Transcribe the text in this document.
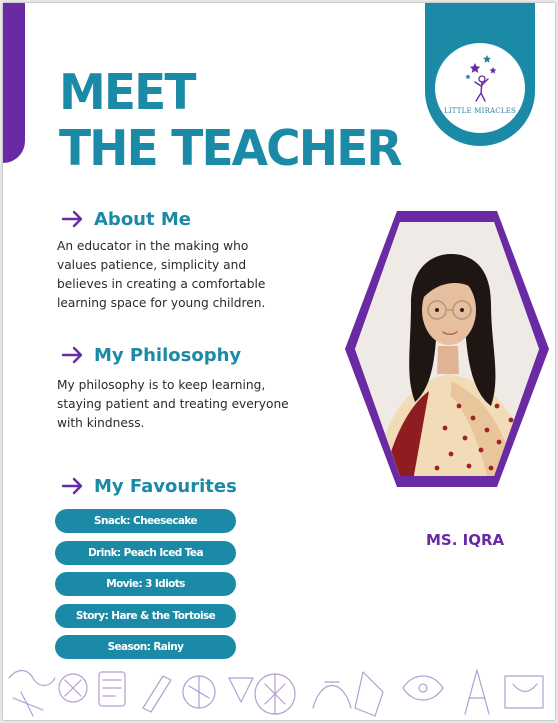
LITTLE MIRACLES
MEET
THE TEACHER
About Me
An educator in the making who
values patience, simplicity and
believes in creating a comfortable
learning space for young children.
My Philosophy
My philosophy is to keep learning,
staying patient and treating everyone
with kindness.
My Favourites
Snack: Cheesecake
Drink: Peach Iced Tea
Movie: 3 Idiots
Story: Hare & the Tortoise
Season: Rainy
MS. IQRA
